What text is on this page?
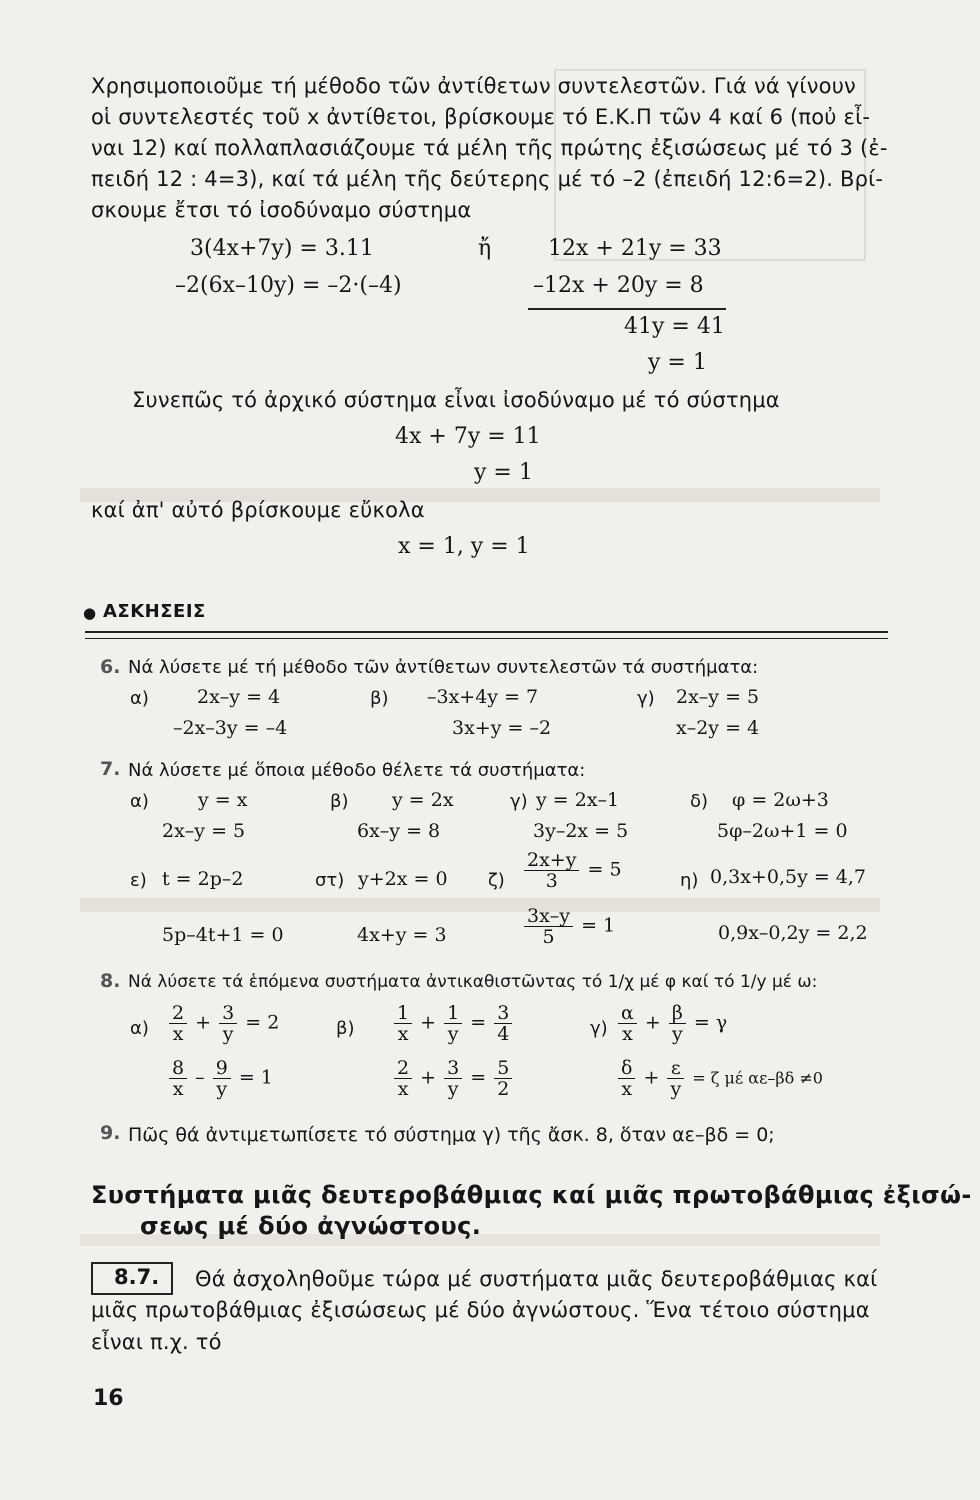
Χρησιμοποιοῦμε τή μέθοδο τῶν ἀντίθετων συντελεστῶν. Γιά νά γίνουν
οἱ συντελεστές τοῦ x ἀντίθετοι, βρίσκουμε τό Ε.Κ.Π τῶν 4 καί 6 (ποὐ εἶ-
ναι 12) καί πολλαπλασιάζουμε τά μέλη τῆς πρώτης ἐξισώσεως μέ τό 3 (ἐ-
πειδή 12 : 4=3), καί τά μέλη τῆς δεύτερης μέ τό –2 (ἐπειδή 12:6=2). Βρί-
σκουμε ἔτσι τό ἰσοδύναμο σύστημα
3(4x+7y) = 3.11	ἤ	12x + 21y = 33
–2(6x–10y) = –2·(–4)	–12x + 20y = 8
41y = 41
y = 1
Συνεπῶς τό ἀρχικό σύστημα εἶναι ἰσοδύναμο μέ τό σύστημα
4x + 7y = 11
y = 1
καί ἀπ' αὐτό βρίσκουμε εὔκολα
x = 1, y = 1
● ΑΣΚΗΣΕΙΣ
6. Νά λύσετε μέ τή μέθοδο τῶν ἀντίθετων συντελεστῶν τά συστήματα:
α)	2x–y = 4
–2x–3y = –4
β) –3x+4y = 7
3x+y = –2
γ) 2x–y = 5
x–2y = 4
7. Νά λύσετε μέ ὅποια μέθοδο θέλετε τά συστήματα:
α)	y = x
2x–y = 5
β) y = 2x
6x–y = 8
γ) y = 2x–1
3y–2x = 5
δ) φ = 2ω+3
5φ–2ω+1 = 0
ε) t = 2p–2
5p–4t+1 = 0
στ) y+2x = 0
4x+y = 3
$\zeta) \frac{2x+y}{3} = 5$
$\frac{3x-y}{5} = 1$
η) 0,3x+0,5y = 4,7
0,9x–0,2y = 2,2
8. Νά λύσετε τά ἑπόμενα συστήματα ἀντικαθιστῶντας τό 1/χ μέ φ καί τό 1/y μέ ω:
$\alpha) \frac{2}{x} + \frac{3}{y} = 2$
$\frac{8}{x} - \frac{9}{y} = 1$
$\beta) \frac{1}{x} + \frac{1}{y} = \frac{3}{4}$
$\frac{2}{x} + \frac{3}{y} = \frac{5}{2}$
$\gamma) \frac{\alpha}{x} + \frac{\beta}{y} = \gamma$
$\frac{\delta}{x} + \frac{\varepsilon}{y} = \zeta$ μέ αε–βδ ≠0
9. Πῶς θά ἀντιμετωπίσετε τό σύστημα γ) τῆς ἄσκ. 8, ὅταν αε–βδ = 0;
Συστήματα μιᾶς δευτεροβάθμιας καί μιᾶς πρωτοβάθμιας ἐξισώ-
σεως μέ δύο ἀγνώστους.
8.7. Θά ἀσχοληθοῦμε τώρα μέ συστήματα μιᾶς δευτεροβάθμιας καί
μιᾶς πρωτοβάθμιας ἐξισώσεως μέ δύο ἀγνώστους. Ἕνα τέτοιο σύστημα
εἶναι π.χ. τό
16
